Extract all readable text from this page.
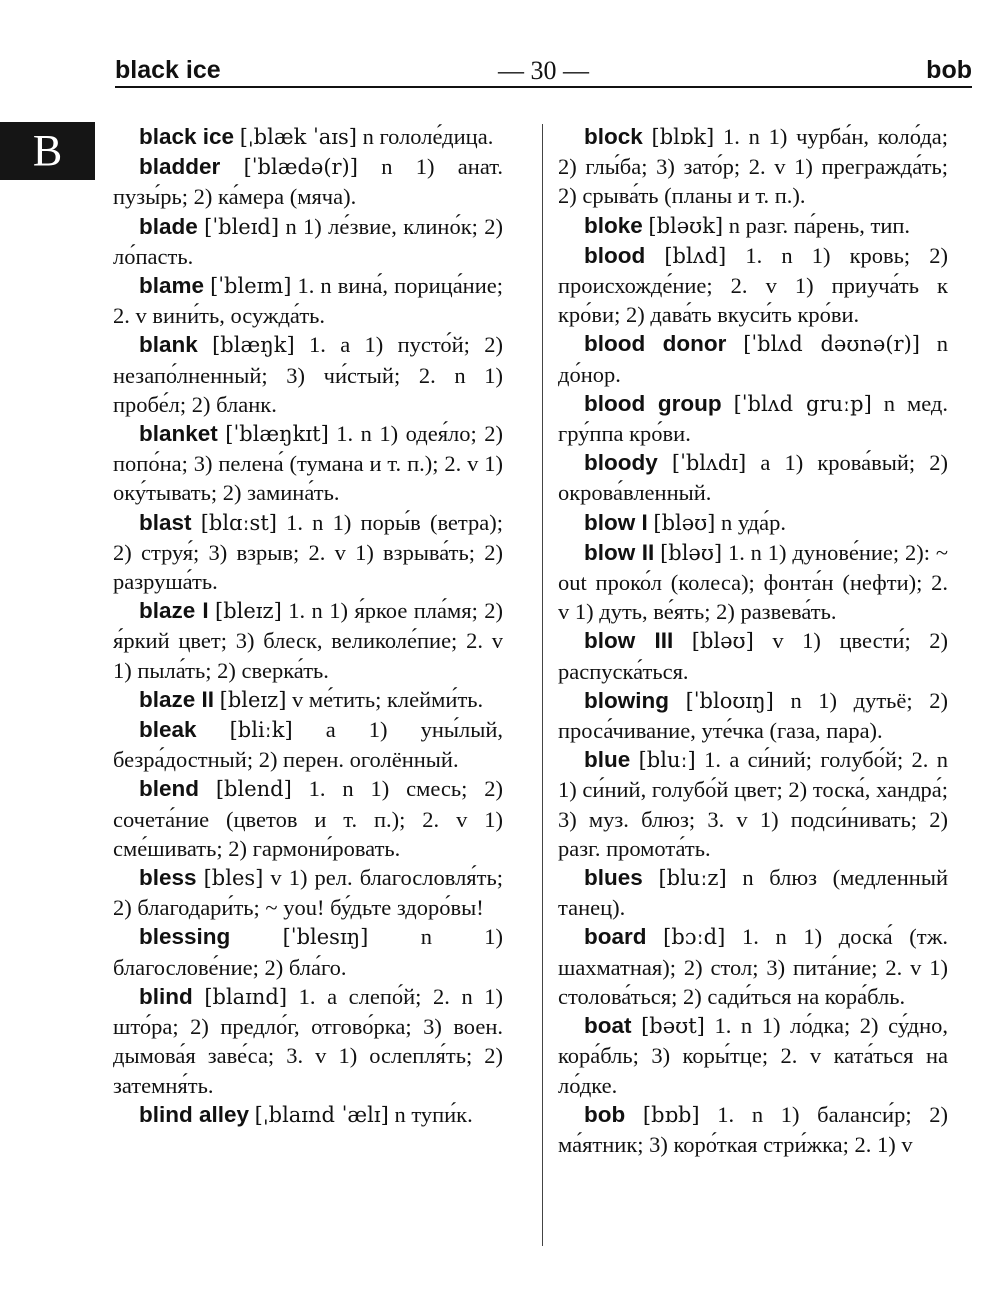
black ice	— 30 —	bob
B	black ice [ˌblæk ˈaɪs] n гололе́дица.

bladder [ˈblædə(r)] n 1) анат. пузы́рь; 2) ка́мера (мяча).

blade [ˈbleɪd] n 1) ле́звие, клино́к; 2) ло́пасть.

blame [ˈbleɪm] 1. n вина́, порица́ние; 2. v вини́ть, осужда́ть.

blank [blæŋk] 1. a 1) пусто́й; 2) незапо́лненный; 3) чи́стый; 2. n 1) пробе́л; 2) бланк.

blanket [ˈblæŋkɪt] 1. n 1) одея́ло; 2) попо́на; 3) пелена́ (тумана и т. п.); 2. v 1) оку́тывать; 2) замина́ть.

blast [blɑːst] 1. n 1) поры́в (ветра); 2) струя́; 3) взрыв; 2. v 1) взрыва́ть; 2) разруша́ть.

blaze I [bleɪz] 1. n 1) я́ркое пла́мя; 2) я́ркий цвет; 3) блеск, великоле́пие; 2. v 1) пыла́ть; 2) сверка́ть.

blaze II [bleɪz] v ме́тить; клейми́ть.

bleak [bliːk] a 1) уны́лый, безра́достный; 2) перен. оголённый.

blend [blend] 1. n 1) смесь; 2) сочета́ние (цветов и т. п.); 2. v 1) сме́шивать; 2) гармони́ровать.

bless [bles] v 1) рел. благословля́ть; 2) благодари́ть; ~ you! бу́дьте здоро́вы!

blessing [ˈblesɪŋ] n 1) благослове́ние; 2) бла́го.

blind [blaɪnd] 1. a слепо́й; 2. n 1) што́ра; 2) предло́г, отгово́рка; 3) воен. дымова́я заве́са; 3. v 1) ослепля́ть; 2) затемня́ть.

blind alley [ˌblaɪnd ˈælɪ] n тупи́к.

block [blɒk] 1. n 1) чурба́н, коло́да; 2) глы́ба; 3) зато́р; 2. v 1) прегражда́ть; 2) срыва́ть (планы и т. п.).

bloke [bləʊk] n разг. па́рень, тип.

blood [blʌd] 1. n 1) кровь; 2) происхожде́ние; 2. v 1) приуча́ть к кро́ви; 2) дава́ть вкуси́ть кро́ви.

blood donor [ˈblʌd dəʊnə(r)] n до́нор.

blood group [ˈblʌd gruːp] n мед. гру́ппа кро́ви.

bloody [ˈblʌdɪ] a 1) крова́вый; 2) окрова́вленный.

blow I [bləʊ] n уда́р.

blow II [bləʊ] 1. n 1) дунове́ние; 2): ~ out проко́л (колеса); фонта́н (нефти); 2. v 1) дуть, ве́ять; 2) развева́ть.

blow III [bləʊ] v 1) цвести́; 2) распуска́ться.

blowing [ˈbloʊɪŋ] n 1) дутьё; 2) проса́чивание, уте́чка (газа, пара).

blue [bluː] 1. a си́ний; голубо́й; 2. n 1) си́ний, голубо́й цвет; 2) тоска́, хандра́; 3) муз. блюз; 3. v 1) подси́нивать; 2) разг. промота́ть.

blues [bluːz] n блюз (медленный танец).

board [bɔːd] 1. n 1) доска́ (тж. шахматная); 2) стол; 3) пита́ние; 2. v 1) столова́ться; 2) сади́ться на кора́бль.

boat [bəʊt] 1. n 1) ло́дка; 2) су́дно, кора́бль; 3) коры́тце; 2. v ката́ться на ло́дке.

bob [bɒb] 1. n 1) баланси́р; 2) ма́ятник; 3) коро́ткая стри́жка; 2. 1) v
